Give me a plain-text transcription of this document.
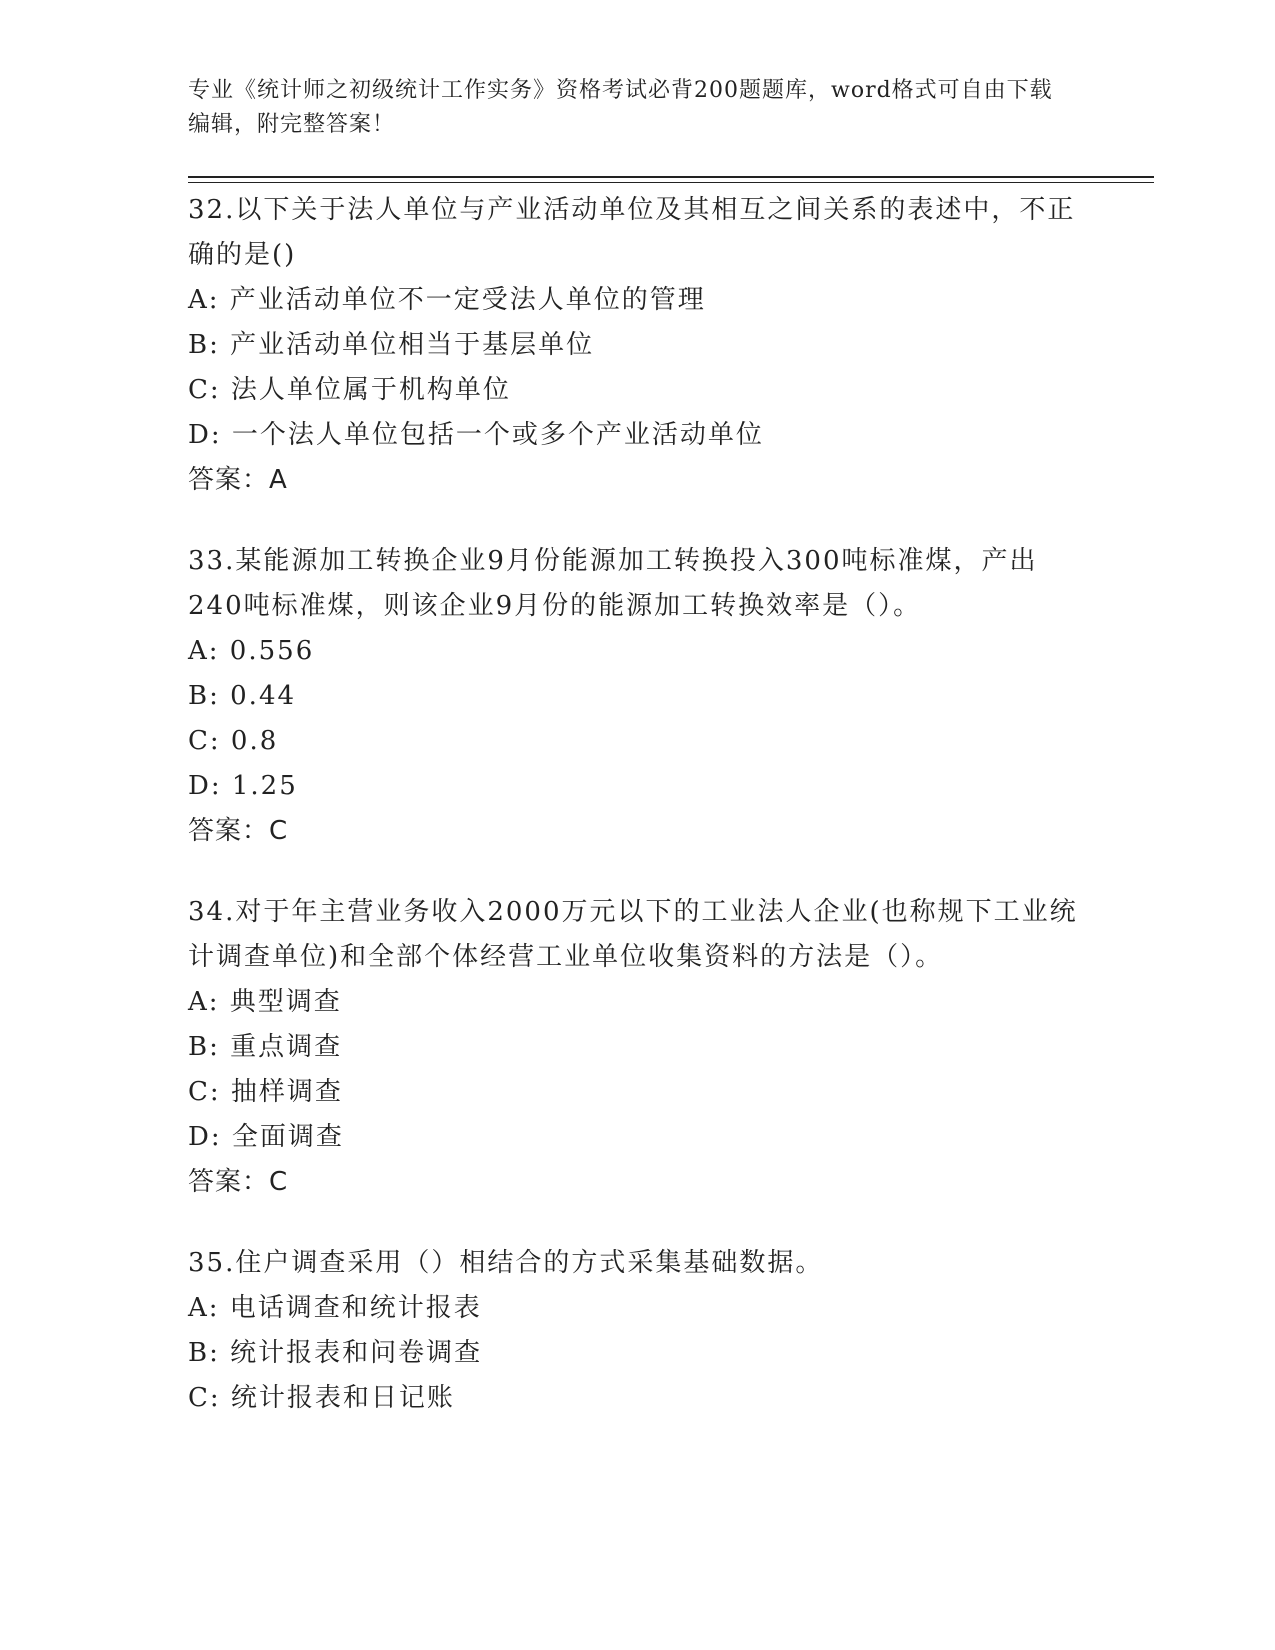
专业《统计师之初级统计工作实务》资格考试必背200题题库，word格式可自由下载编辑，附完整答案！

32.以下关于法人单位与产业活动单位及其相互之间关系的表述中，不正确的是()

A: 产业活动单位不一定受法人单位的管理

B: 产业活动单位相当于基层单位

C: 法人单位属于机构单位

D: 一个法人单位包括一个或多个产业活动单位

答案：A

33.某能源加工转换企业9月份能源加工转换投入300吨标准煤，产出240吨标准煤，则该企业9月份的能源加工转换效率是（）。

A: 0.556

B: 0.44

C: 0.8

D: 1.25

答案：C

34.对于年主营业务收入2000万元以下的工业法人企业(也称规下工业统计调查单位)和全部个体经营工业单位收集资料的方法是（）。

A: 典型调查

B: 重点调查

C: 抽样调查

D: 全面调查

答案：C

35.住户调查采用（）相结合的方式采集基础数据。

A: 电话调查和统计报表

B: 统计报表和问卷调查

C: 统计报表和日记账
